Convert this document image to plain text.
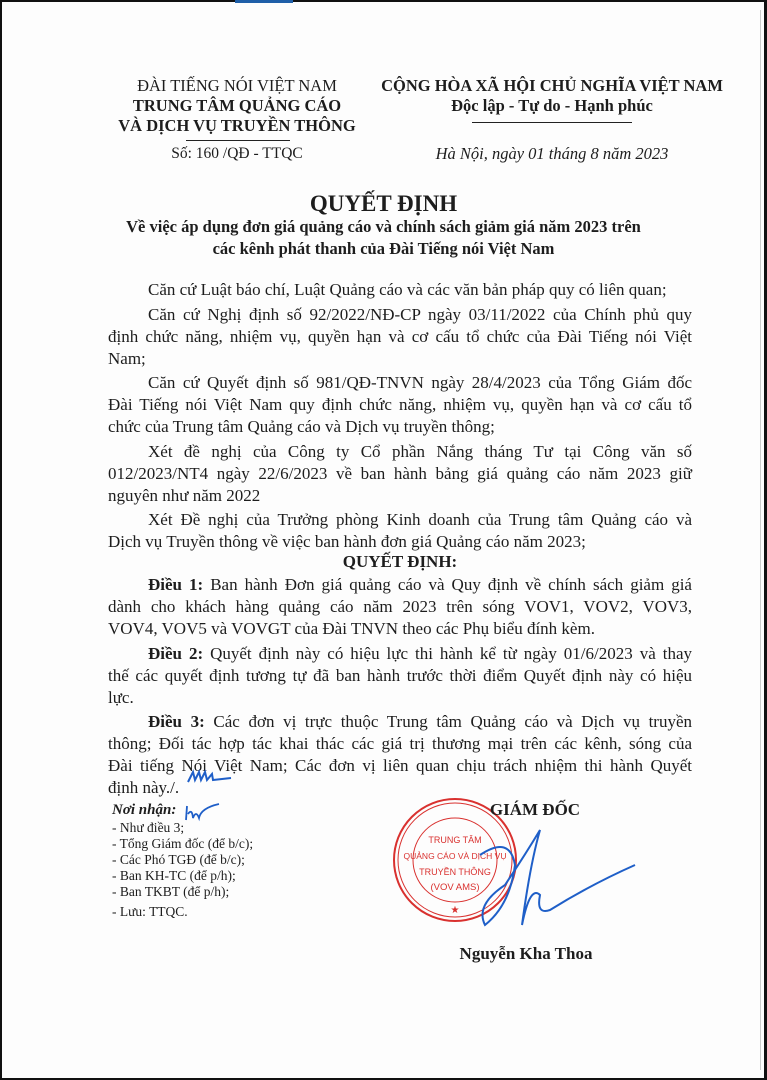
ĐÀI TIẾNG NÓI VIỆT NAM
TRUNG TÂM QUẢNG CÁO
VÀ DỊCH VỤ TRUYỀN THÔNG
CỘNG HÒA XÃ HỘI CHỦ NGHĨA VIỆT NAM
Độc lập - Tự do - Hạnh phúc
Số: 160 /QĐ - TTQC	Hà Nội, ngày 01 tháng 8 năm 2023
QUYẾT ĐỊNH
Về việc áp dụng đơn giá quảng cáo và chính sách giảm giá năm 2023 trên
các kênh phát thanh của Đài Tiếng nói Việt Nam
Căn cứ Luật báo chí, Luật Quảng cáo và các văn bản pháp quy có liên quan;
Căn cứ Nghị định số 92/2022/NĐ-CP ngày 03/11/2022 của Chính phủ quy
định chức năng, nhiệm vụ, quyền hạn và cơ cấu tổ chức của Đài Tiếng nói Việt
Nam;
Căn cứ Quyết định số 981/QĐ-TNVN ngày 28/4/2023 của Tổng Giám đốc
Đài Tiếng nói Việt Nam quy định chức năng, nhiệm vụ, quyền hạn và cơ cấu tổ
chức của Trung tâm Quảng cáo và Dịch vụ truyền thông;
Xét đề nghị của Công ty Cổ phần Nắng tháng Tư tại Công văn số
012/2023/NT4 ngày 22/6/2023 về ban hành bảng giá quảng cáo năm 2023 giữ
nguyên như năm 2022
Xét Đề nghị của Trưởng phòng Kinh doanh của Trung tâm Quảng cáo và
Dịch vụ Truyền thông về việc ban hành đơn giá Quảng cáo năm 2023;
Điều 1: Ban hành Đơn giá quảng cáo và Quy định về chính sách giảm giá
dành cho khách hàng quảng cáo năm 2023 trên sóng VOV1, VOV2, VOV3,
VOV4, VOV5 và VOVGT của Đài TNVN theo các Phụ biểu đính kèm.
Điều 2: Quyết định này có hiệu lực thi hành kể từ ngày 01/6/2023 và thay
thế các quyết định tương tự đã ban hành trước thời điểm Quyết định này có hiệu
lực.
Điều 3: Các đơn vị trực thuộc Trung tâm Quảng cáo và Dịch vụ truyền
thông; Đối tác hợp tác khai thác các giá trị thương mại trên các kênh, sóng của
Đài tiếng Nói Việt Nam; Các đơn vị liên quan chịu trách nhiệm thi hành Quyết
định này./.
QUYẾT ĐỊNH:
Nơi nhận:
- Như điều 3;
- Tổng Giám đốc (để b/c);
- Các Phó TGĐ (để b/c);
- Ban KH-TC (để p/h);
- Ban TKBT (để p/h);
- Lưu: TTQC.
TRUNG TÂM
QUẢNG CÁO VÀ DỊCH VỤ
TRUYỀN THÔNG
(VOV AMS)
★
GIÁM ĐỐC
Nguyễn Kha Thoa
